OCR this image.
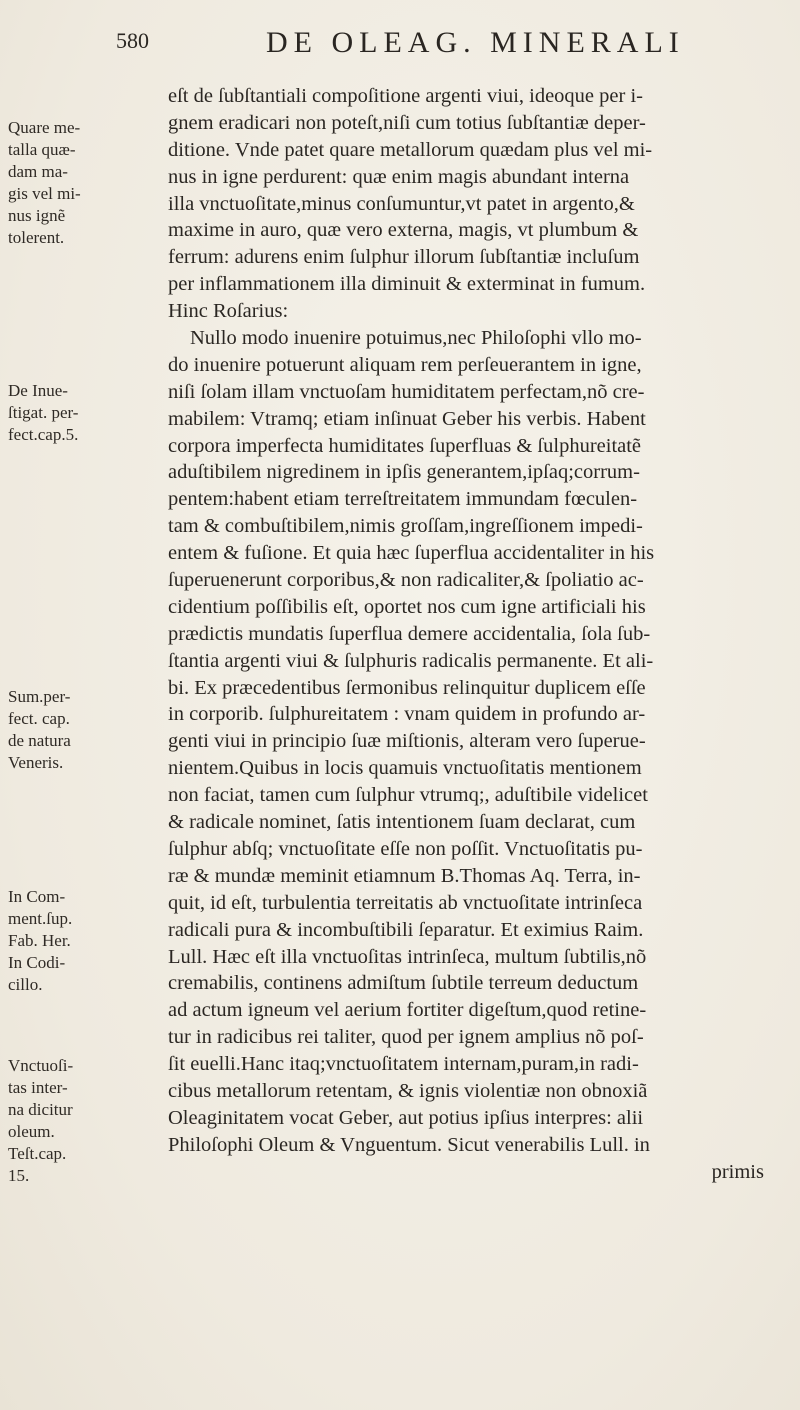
580	DE OLEAG. MINERALI
eſt de ſubſtantiali compoſitione argenti viui, ideoque per i-
gnem eradicari non poteſt,niſi cum totius ſubſtantiæ deper-
ditione. Vnde patet quare metallorum quædam plus vel mi-
nus in igne perdurent: quæ enim magis abundant interna
illa vnctuoſitate,minus conſumuntur,vt patet in argento,&
maxime in auro, quæ vero externa, magis, vt plumbum &
ferrum: adurens enim ſulphur illorum ſubſtantiæ incluſum
per inflammationem illa diminuit & exterminat in fumum.
Hinc Roſarius:
Nullo modo inuenire potuimus,nec Philoſophi vllo mo-
do inuenire potuerunt aliquam rem perſeuerantem in igne,
niſi ſolam illam vnctuoſam humiditatem perfectam,nõ cre-
mabilem: Vtramq; etiam inſinuat Geber his verbis. Habent
corpora imperfecta humiditates ſuperfluas & ſulphureitatẽ
aduſtibilem nigredinem in ipſis generantem,ipſaq;corrum-
pentem:habent etiam terreſtreitatem immundam fœculen-
tam & combuſtibilem,nimis groſſam,ingreſſionem impedi-
entem & fuſione. Et quia hæc ſuperflua accidentaliter in his
ſuperuenerunt corporibus,& non radicaliter,& ſpoliatio ac-
cidentium poſſibilis eſt, oportet nos cum igne artificiali his
prædictis mundatis ſuperflua demere accidentalia, ſola ſub-
ſtantia argenti viui & ſulphuris radicalis permanente. Et ali-
bi. Ex præcedentibus ſermonibus relinquitur duplicem eſſe
in corporib. ſulphureitatem : vnam quidem in profundo ar-
genti viui in principio ſuæ miſtionis, alteram vero ſuperue-
nientem.Quibus in locis quamuis vnctuoſitatis mentionem
non faciat, tamen cum ſulphur vtrumq;, aduſtibile videlicet
& radicale nominet, ſatis intentionem ſuam declarat, cum
ſulphur abſq; vnctuoſitate eſſe non poſſit. Vnctuoſitatis pu-
ræ & mundæ meminit etiamnum B.Thomas Aq. Terra, in-
quit, id eſt, turbulentia terreitatis ab vnctuoſitate intrinſeca
radicali pura & incombuſtibili ſeparatur. Et eximius Raim.
Lull. Hæc eſt illa vnctuoſitas intrinſeca, multum ſubtilis,nõ
cremabilis, continens admiſtum ſubtile terreum deductum
ad actum igneum vel aerium fortiter digeſtum,quod retine-
tur in radicibus rei taliter, quod per ignem amplius nõ poſ-
ſit euelli.Hanc itaq;vnctuoſitatem internam,puram,in radi-
cibus metallorum retentam, & ignis violentiæ non obnoxiã
Oleaginitatem vocat Geber, aut potius ipſius interpres: alii
Philoſophi Oleum & Vnguentum. Sicut venerabilis Lull. in
primis
Quare me-
talla quæ-
dam ma-
gis vel mi-
nus ignẽ
tolerent.
De Inue-
ſtigat. per-
fect.cap.5.
Sum.per-
fect. cap.
de natura
Veneris.
In Com-
ment.ſup.
Fab. Her.
In Codi-
cillo.
Vnctuoſi-
tas inter-
na dicitur
oleum.
Teſt.cap.
15.
